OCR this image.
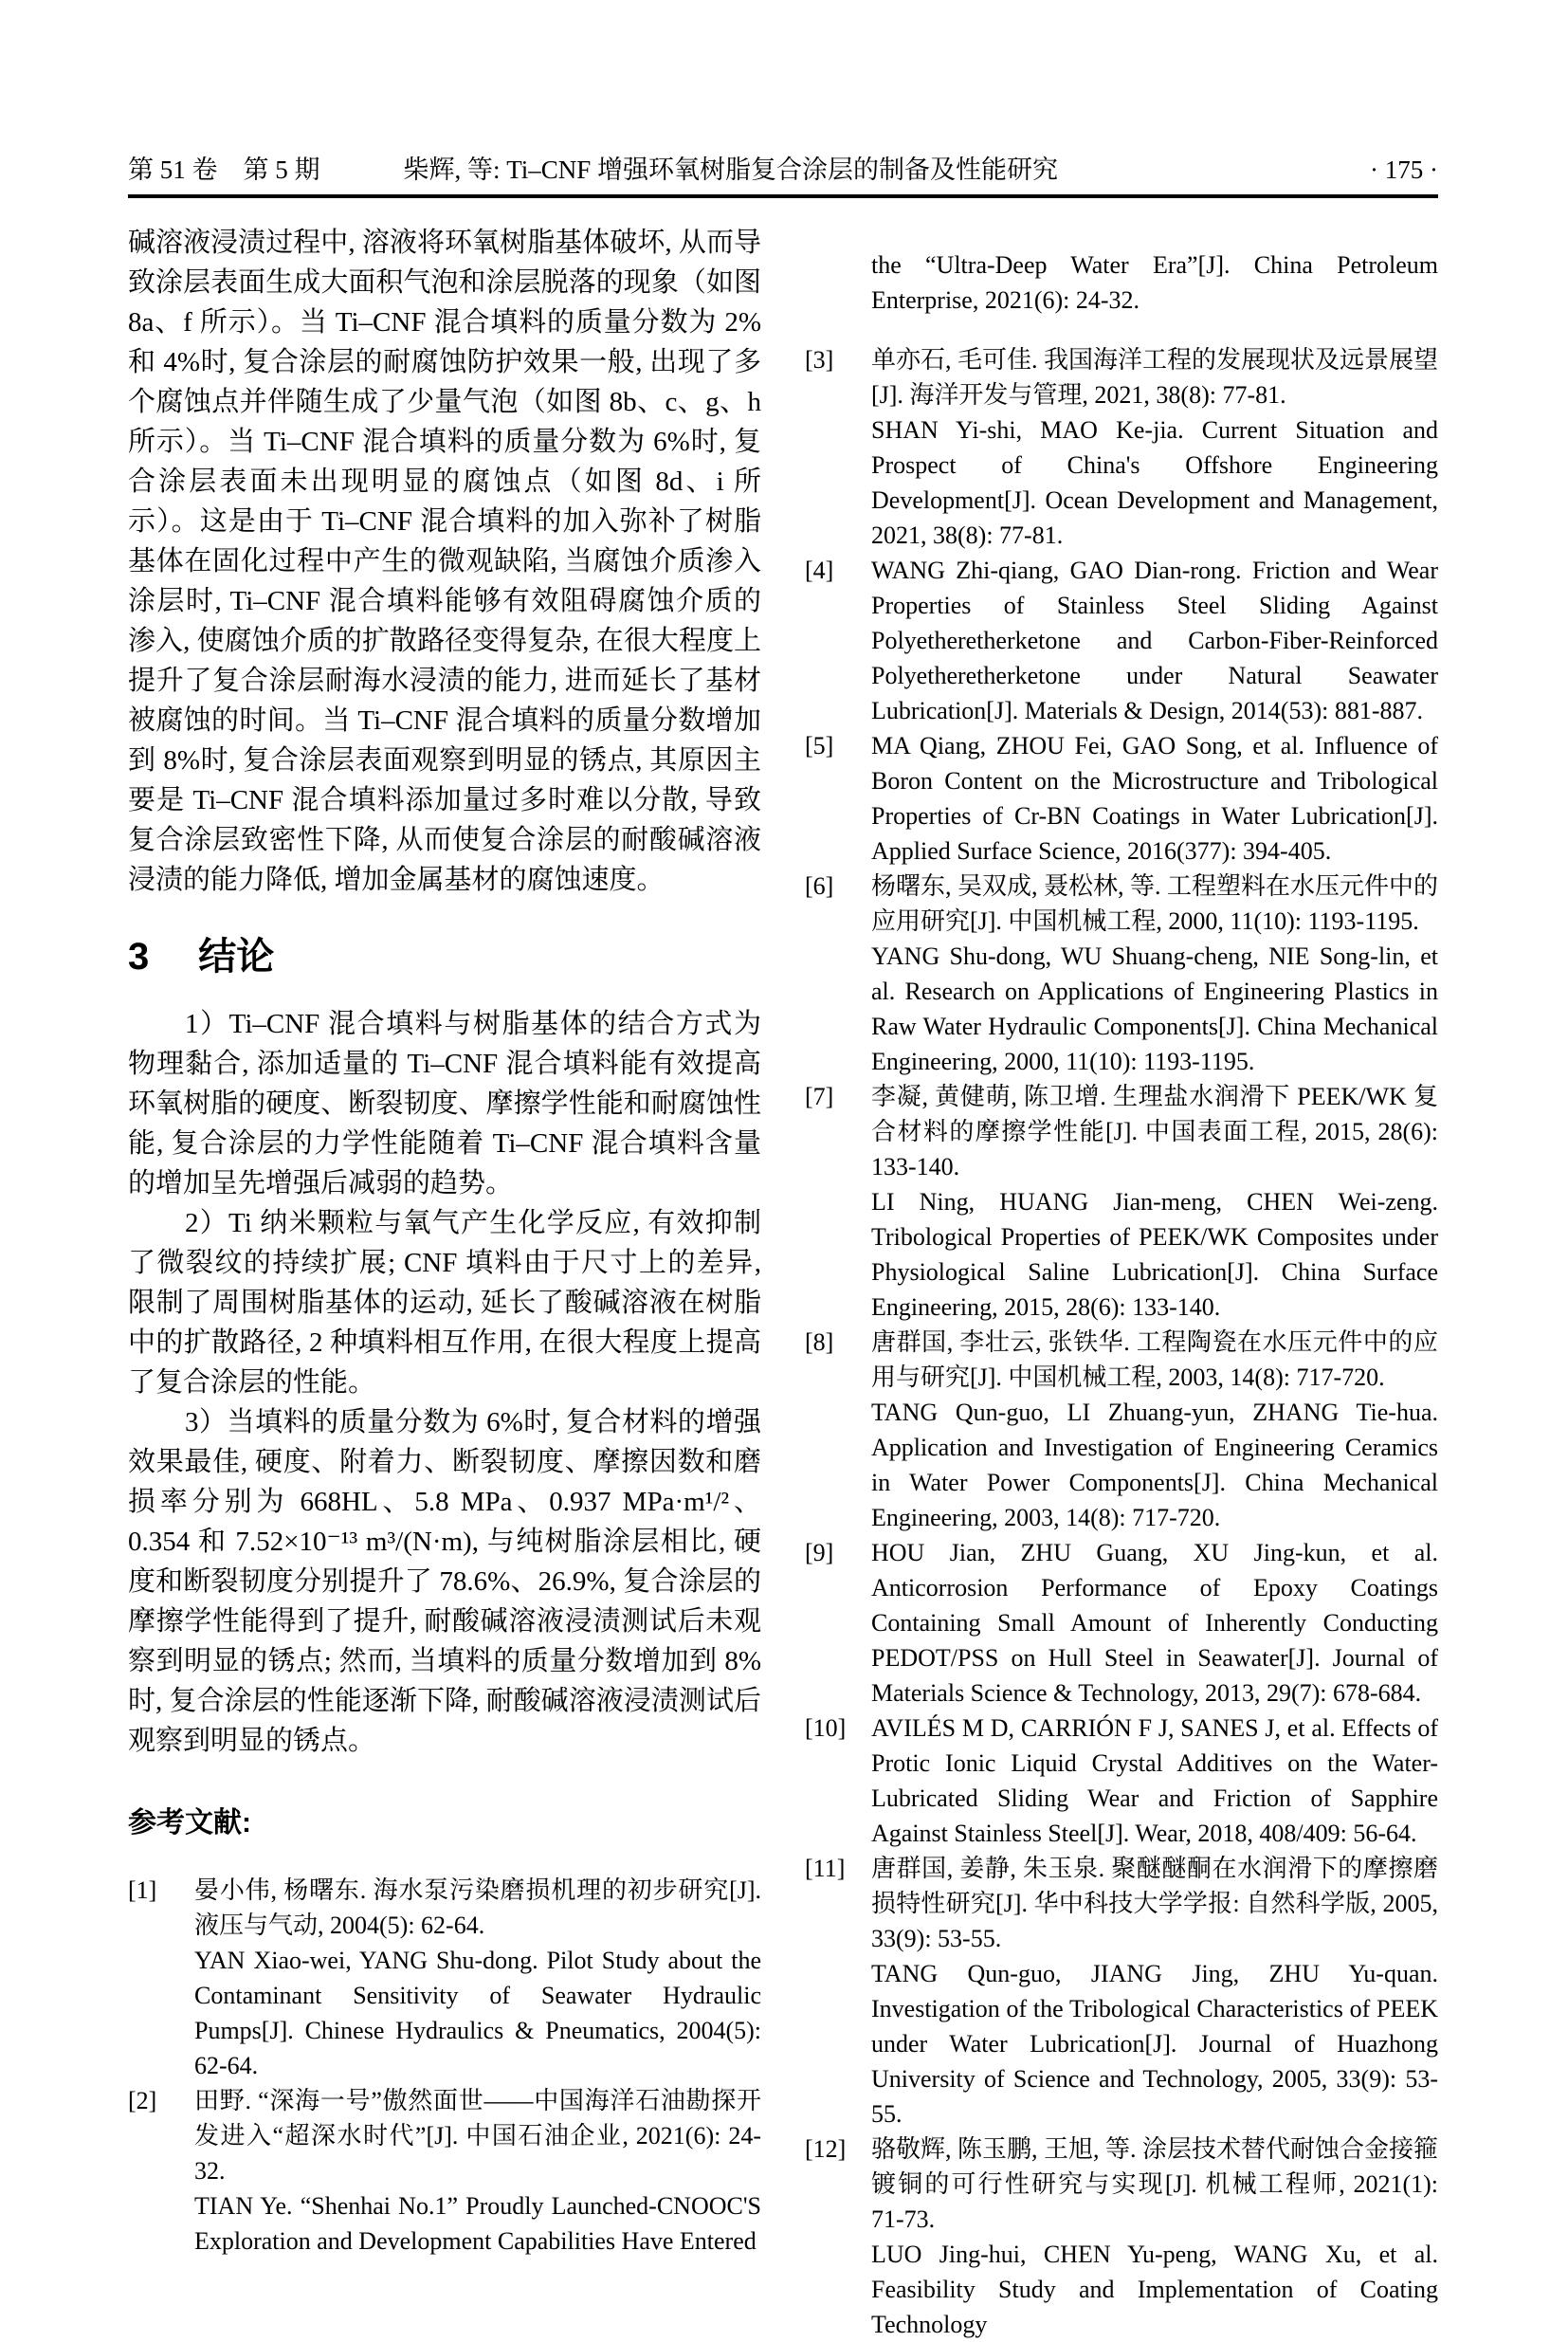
第 51 卷　第 5 期	柴辉, 等: Ti–CNF 增强环氧树脂复合涂层的制备及性能研究	· 175 ·

碱溶液浸渍过程中, 溶液将环氧树脂基体破坏, 从而导致涂层表面生成大面积气泡和涂层脱落的现象（如图 8a、f 所示）。当 Ti–CNF 混合填料的质量分数为 2%和 4%时, 复合涂层的耐腐蚀防护效果一般, 出现了多个腐蚀点并伴随生成了少量气泡（如图 8b、c、g、h 所示）。当 Ti–CNF 混合填料的质量分数为 6%时, 复合涂层表面未出现明显的腐蚀点（如图 8d、i 所示）。这是由于 Ti–CNF 混合填料的加入弥补了树脂基体在固化过程中产生的微观缺陷, 当腐蚀介质渗入涂层时, Ti–CNF 混合填料能够有效阻碍腐蚀介质的渗入, 使腐蚀介质的扩散路径变得复杂, 在很大程度上提升了复合涂层耐海水浸渍的能力, 进而延长了基材被腐蚀的时间。当 Ti–CNF 混合填料的质量分数增加到 8%时, 复合涂层表面观察到明显的锈点, 其原因主要是 Ti–CNF 混合填料添加量过多时难以分散, 导致复合涂层致密性下降, 从而使复合涂层的耐酸碱溶液浸渍的能力降低, 增加金属基材的腐蚀速度。

3 结论

1）Ti–CNF 混合填料与树脂基体的结合方式为物理黏合, 添加适量的 Ti–CNF 混合填料能有效提高环氧树脂的硬度、断裂韧度、摩擦学性能和耐腐蚀性能, 复合涂层的力学性能随着 Ti–CNF 混合填料含量的增加呈先增强后减弱的趋势。

2）Ti 纳米颗粒与氧气产生化学反应, 有效抑制了微裂纹的持续扩展; CNF 填料由于尺寸上的差异, 限制了周围树脂基体的运动, 延长了酸碱溶液在树脂中的扩散路径, 2 种填料相互作用, 在很大程度上提高了复合涂层的性能。

3）当填料的质量分数为 6%时, 复合材料的增强效果最佳, 硬度、附着力、断裂韧度、摩擦因数和磨损率分别为 668HL、5.8 MPa、0.937 MPa·m¹/²、0.354 和 7.52×10⁻¹³ m³/(N·m), 与纯树脂涂层相比, 硬度和断裂韧度分别提升了 78.6%、26.9%, 复合涂层的摩擦学性能得到了提升, 耐酸碱溶液浸渍测试后未观察到明显的锈点; 然而, 当填料的质量分数增加到 8%时, 复合涂层的性能逐渐下降, 耐酸碱溶液浸渍测试后观察到明显的锈点。

参考文献:
[1]	晏小伟, 杨曙东. 海水泵污染磨损机理的初步研究[J]. 液压与气动, 2004(5): 62-64.

YAN Xiao-wei, YANG Shu-dong. Pilot Study about the Contaminant Sensitivity of Seawater Hydraulic Pumps[J]. Chinese Hydraulics & Pneumatics, 2004(5): 62-64.

[2]	田野. “深海一号”傲然面世——中国海洋石油勘探开发进入“超深水时代”[J]. 中国石油企业, 2021(6): 24-32.

TIAN Ye. “Shenhai No.1” Proudly Launched-CNOOC'S Exploration and Development Capabilities Have Entered

the “Ultra-Deep Water Era”[J]. China Petroleum Enterprise, 2021(6): 24-32.

[3]	单亦石, 毛可佳. 我国海洋工程的发展现状及远景展望[J]. 海洋开发与管理, 2021, 38(8): 77-81.

SHAN Yi-shi, MAO Ke-jia. Current Situation and Prospect of China's Offshore Engineering Development[J]. Ocean Development and Management, 2021, 38(8): 77-81.

[4]	WANG Zhi-qiang, GAO Dian-rong. Friction and Wear Properties of Stainless Steel Sliding Against Polyetheretherketone and Carbon-Fiber-Reinforced Polyetheretherketone under Natural Seawater Lubrication[J]. Materials & Design, 2014(53): 881-887.

[5]	MA Qiang, ZHOU Fei, GAO Song, et al. Influence of Boron Content on the Microstructure and Tribological Properties of Cr-BN Coatings in Water Lubrication[J]. Applied Surface Science, 2016(377): 394-405.

[6]	杨曙东, 吴双成, 聂松林, 等. 工程塑料在水压元件中的应用研究[J]. 中国机械工程, 2000, 11(10): 1193-1195.

YANG Shu-dong, WU Shuang-cheng, NIE Song-lin, et al. Research on Applications of Engineering Plastics in Raw Water Hydraulic Components[J]. China Mechanical Engineering, 2000, 11(10): 1193-1195.

[7]	李凝, 黄健萌, 陈卫增. 生理盐水润滑下 PEEK/WK 复合材料的摩擦学性能[J]. 中国表面工程, 2015, 28(6): 133-140.

LI Ning, HUANG Jian-meng, CHEN Wei-zeng. Tribological Properties of PEEK/WK Composites under Physiological Saline Lubrication[J]. China Surface Engineering, 2015, 28(6): 133-140.

[8]	唐群国, 李壮云, 张铁华. 工程陶瓷在水压元件中的应用与研究[J]. 中国机械工程, 2003, 14(8): 717-720.

TANG Qun-guo, LI Zhuang-yun, ZHANG Tie-hua. Application and Investigation of Engineering Ceramics in Water Power Components[J]. China Mechanical Engineering, 2003, 14(8): 717-720.

[9]	HOU Jian, ZHU Guang, XU Jing-kun, et al. Anticorrosion Performance of Epoxy Coatings Containing Small Amount of Inherently Conducting PEDOT/PSS on Hull Steel in Seawater[J]. Journal of Materials Science & Technology, 2013, 29(7): 678-684.

[10]	AVILÉS M D, CARRIÓN F J, SANES J, et al. Effects of Protic Ionic Liquid Crystal Additives on the Water-Lubricated Sliding Wear and Friction of Sapphire Against Stainless Steel[J]. Wear, 2018, 408/409: 56-64.

[11]	唐群国, 姜静, 朱玉泉. 聚醚醚酮在水润滑下的摩擦磨损特性研究[J]. 华中科技大学学报: 自然科学版, 2005, 33(9): 53-55.

TANG Qun-guo, JIANG Jing, ZHU Yu-quan. Investigation of the Tribological Characteristics of PEEK under Water Lubrication[J]. Journal of Huazhong University of Science and Technology, 2005, 33(9): 53-55.

[12]	骆敬辉, 陈玉鹏, 王旭, 等. 涂层技术替代耐蚀合金接箍镀铜的可行性研究与实现[J]. 机械工程师, 2021(1): 71-73.

LUO Jing-hui, CHEN Yu-peng, WANG Xu, et al. Feasibility Study and Implementation of Coating Technology
